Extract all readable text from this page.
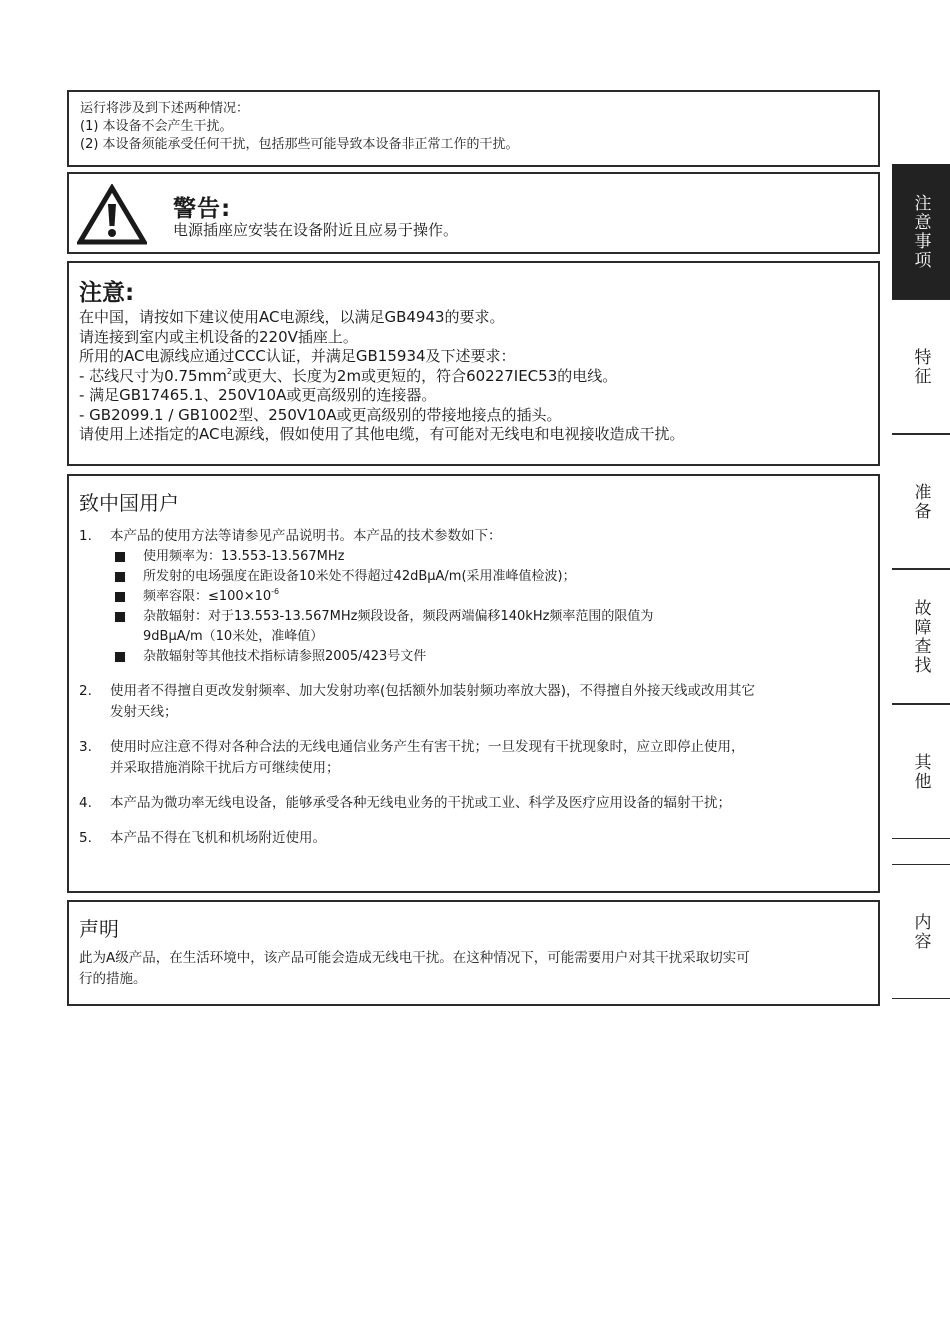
运行将涉及到下述两种情况：
(1) 本设备不会产生干扰。
(2) 本设备须能承受任何干扰，包括那些可能导致本设备非正常工作的干扰。
警告:
电源插座应安装在设备附近且应易于操作。
注意:
在中国，请按如下建议使用AC电源线，以满足GB4943的要求。
请连接到室内或主机设备的220V插座上。
所用的AC电源线应通过CCC认证，并满足GB15934及下述要求：
- 芯线尺寸为$0.75mm^2$或更大、长度为2m或更短的，符合60227IEC53的电线。
- 满足GB17465.1、250V10A或更高级别的连接器。
- GB2099.1 / GB1002型、250V10A或更高级别的带接地接点的插头。
请使用上述指定的AC电源线，假如使用了其他电缆，有可能对无线电和电视接收造成干扰。
致中国用户
1. 本产品的使用方法等请参见产品说明书。本产品的技术参数如下：
使用频率为：13.553-13.567MHz
所发射的电场强度在距设备10米处不得超过42dBμA/m(采用准峰值检波)；
频率容限：$\le 100\times 10^{-6}$
杂散辐射：对于13.553-13.567MHz频段设备，频段两端偏移140kHz频率范围的限值为
9dBμA/m（10米处，准峰值）
杂散辐射等其他技术指标请参照2005/423号文件
2. 使用者不得擅自更改发射频率、加大发射功率(包括额外加装射频功率放大器)，不得擅自外接天线或改用其它
发射天线；
3. 使用时应注意不得对各种合法的无线电通信业务产生有害干扰；一旦发现有干扰现象时，应立即停止使用，
并采取措施消除干扰后方可继续使用；
4. 本产品为微功率无线电设备，能够承受各种无线电业务的干扰或工业、科学及医疗应用设备的辐射干扰；
5. 本产品不得在飞机和机场附近使用。
声明
此为A级产品，在生活环境中，该产品可能会造成无线电干扰。在这种情况下，可能需要用户对其干扰采取切实可
行的措施。
注意事项
特征
准备
故障查找
其他
内容
